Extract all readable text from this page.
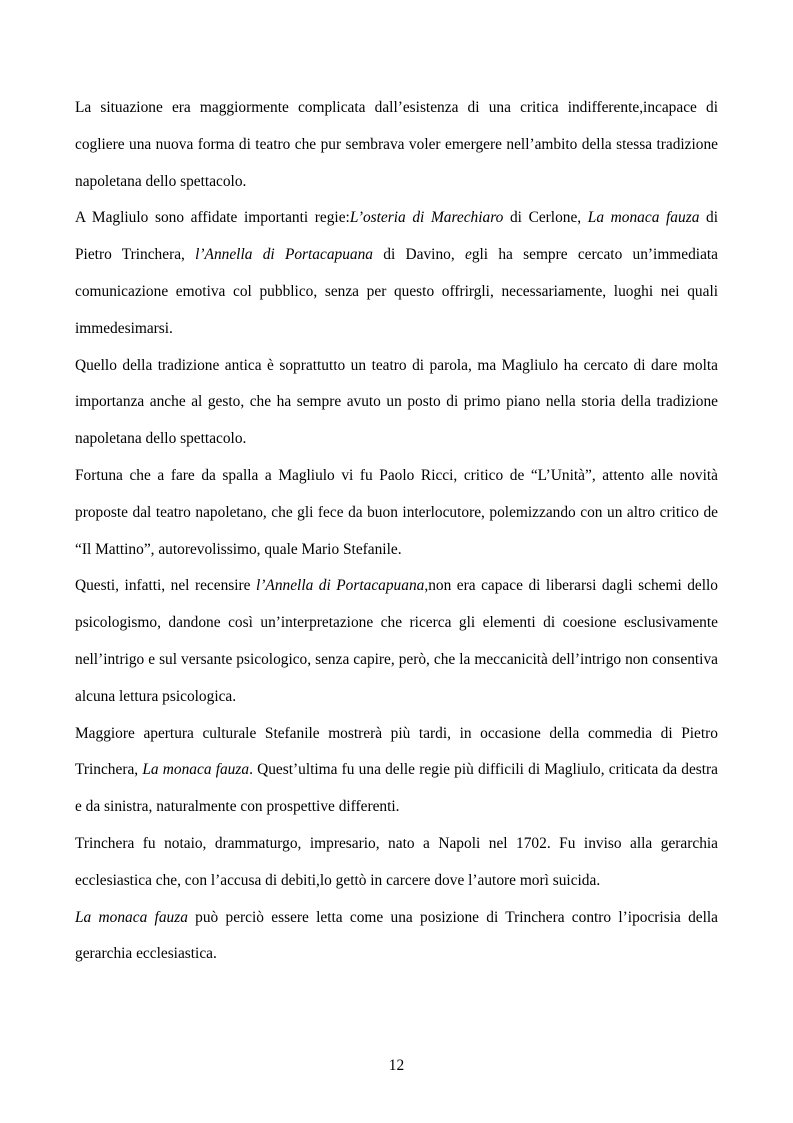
La situazione era maggiormente complicata dall’esistenza di una critica indifferente,incapace di cogliere una nuova forma di teatro che pur sembrava voler emergere nell’ambito della stessa tradizione napoletana dello spettacolo.

A Magliulo sono affidate importanti regie:L’osteria di Marechiaro di Cerlone, La monaca fauza di Pietro Trinchera, l’Annella di Portacapuana di Davino, egli ha sempre cercato un’immediata comunicazione emotiva col pubblico, senza per questo offrirgli, necessariamente, luoghi nei quali immedesimarsi.

Quello della tradizione antica è soprattutto un teatro di parola, ma Magliulo ha cercato di dare molta importanza anche al gesto, che ha sempre avuto un posto di primo piano nella storia della tradizione napoletana dello spettacolo.

Fortuna che a fare da spalla a Magliulo vi fu Paolo Ricci, critico de “L’Unità”, attento alle novità proposte dal teatro napoletano, che gli fece da buon interlocutore, polemizzando con un altro critico de “Il Mattino”, autorevolissimo, quale Mario Stefanile.

Questi, infatti, nel recensire l’Annella di Portacapuana,non era capace di liberarsi dagli schemi dello psicologismo, dandone così un’interpretazione che ricerca gli elementi di coesione esclusivamente nell’intrigo e sul versante psicologico, senza capire, però, che la meccanicità dell’intrigo non consentiva alcuna lettura psicologica.

Maggiore apertura culturale Stefanile mostrerà più tardi, in occasione della commedia di Pietro Trinchera, La monaca fauza. Quest’ultima fu una delle regie più difficili di Magliulo, criticata da destra e da sinistra, naturalmente con prospettive differenti.

Trinchera fu notaio, drammaturgo, impresario, nato a Napoli nel 1702. Fu inviso alla gerarchia ecclesiastica che, con l’accusa di debiti,lo gettò in carcere dove l’autore morì suicida.

La monaca fauza può perciò essere letta come una posizione di Trinchera contro l’ipocrisia della gerarchia ecclesiastica.

12
